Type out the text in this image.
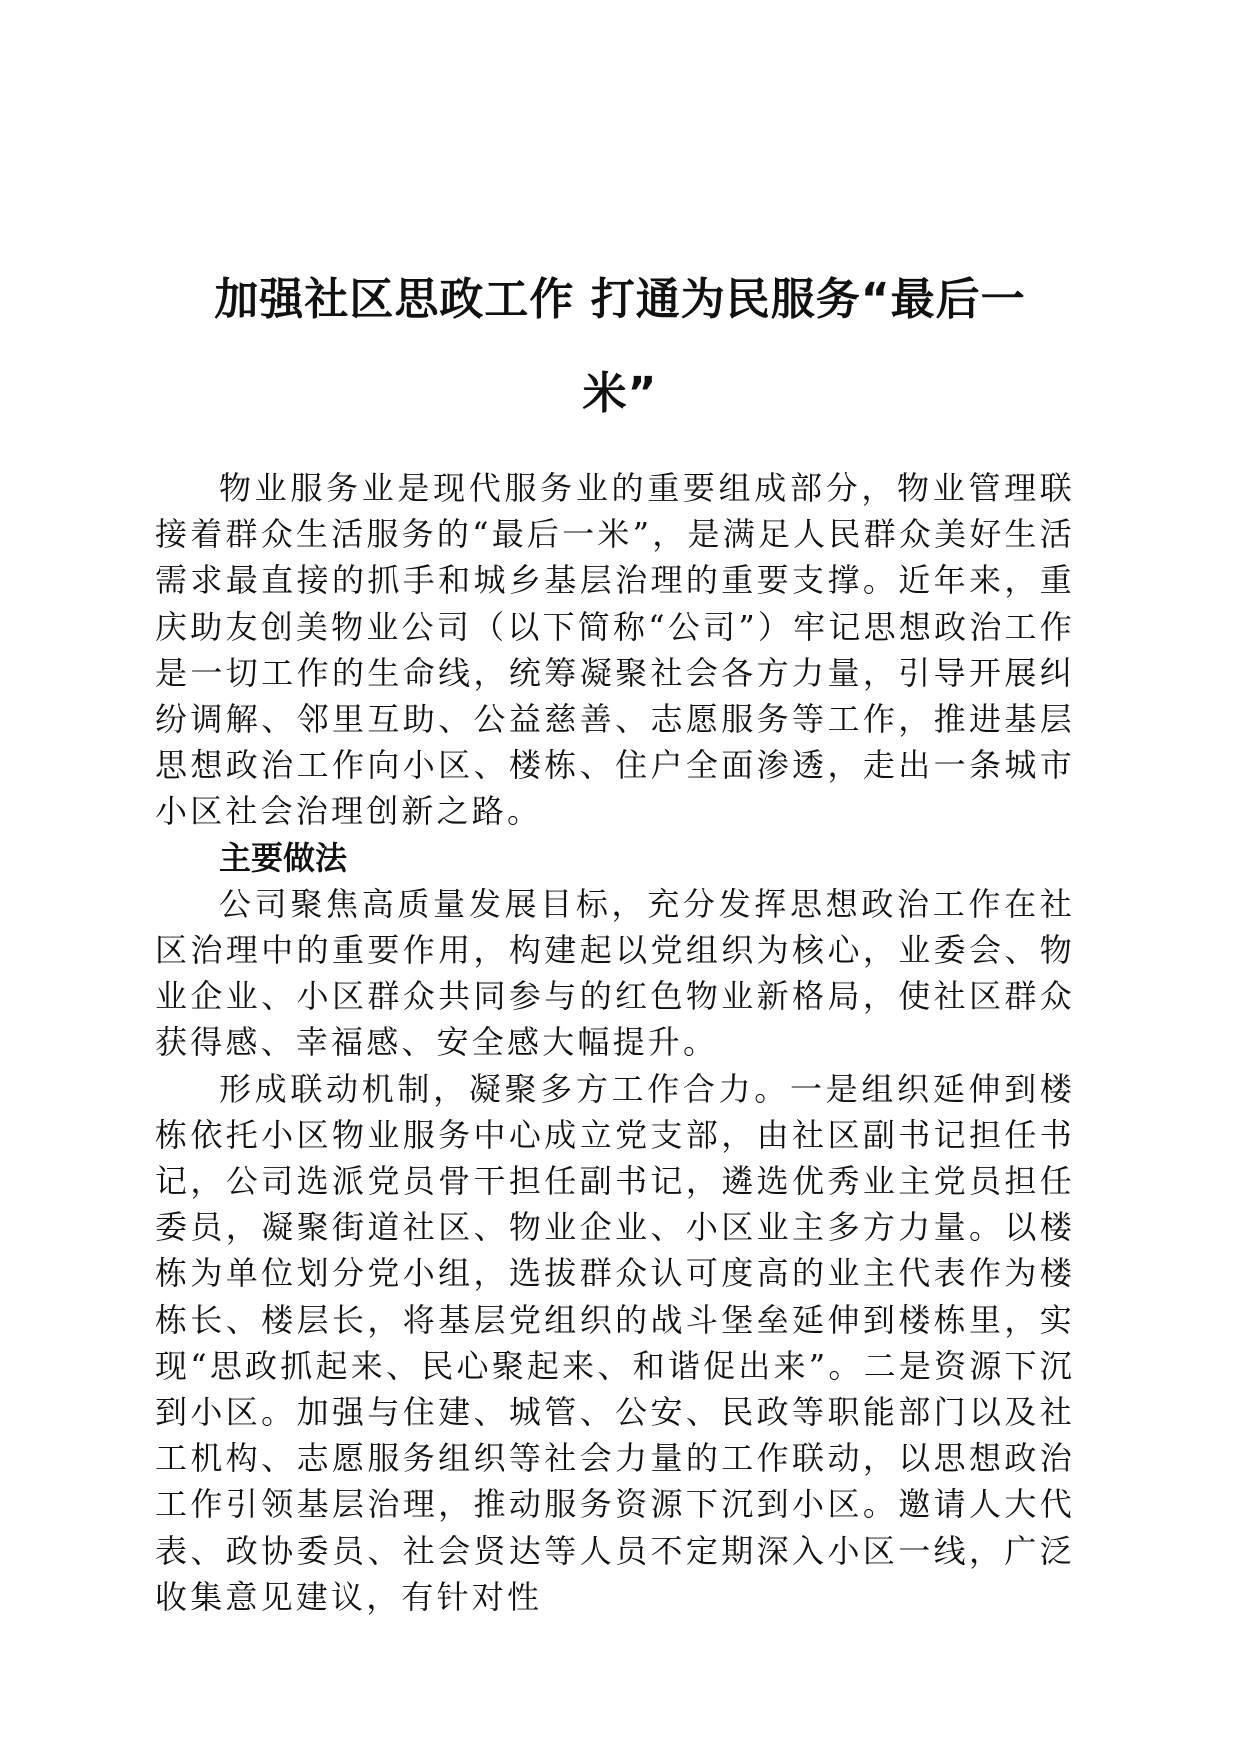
加强社区思政工作 打通为民服务“最后一
米”

物业服务业是现代服务业的重要组成部分，物业管理联接着群众生活服务的“最后一米”，是满足人民群众美好生活需求最直接的抓手和城乡基层治理的重要支撑。近年来，重庆助友创美物业公司（以下简称“公司”）牢记思想政治工作是一切工作的生命线，统筹凝聚社会各方力量，引导开展纠纷调解、邻里互助、公益慈善、志愿服务等工作，推进基层思想政治工作向小区、楼栋、住户全面渗透，走出一条城市小区社会治理创新之路。

主要做法

公司聚焦高质量发展目标，充分发挥思想政治工作在社区治理中的重要作用，构建起以党组织为核心，业委会、物业企业、小区群众共同参与的红色物业新格局，使社区群众获得感、幸福感、安全感大幅提升。

形成联动机制，凝聚多方工作合力。一是组织延伸到楼栋依托小区物业服务中心成立党支部，由社区副书记担任书记，公司选派党员骨干担任副书记，遴选优秀业主党员担任委员，凝聚街道社区、物业企业、小区业主多方力量。以楼栋为单位划分党小组，选拔群众认可度高的业主代表作为楼栋长、楼层长，将基层党组织的战斗堡垒延伸到楼栋里，实现“思政抓起来、民心聚起来、和谐促出来”。二是资源下沉到小区。加强与住建、城管、公安、民政等职能部门以及社工机构、志愿服务组织等社会力量的工作联动，以思想政治工作引领基层治理，推动服务资源下沉到小区。邀请人大代表、政协委员、社会贤达等人员不定期深入小区一线，广泛收集意见建议，有针对性
